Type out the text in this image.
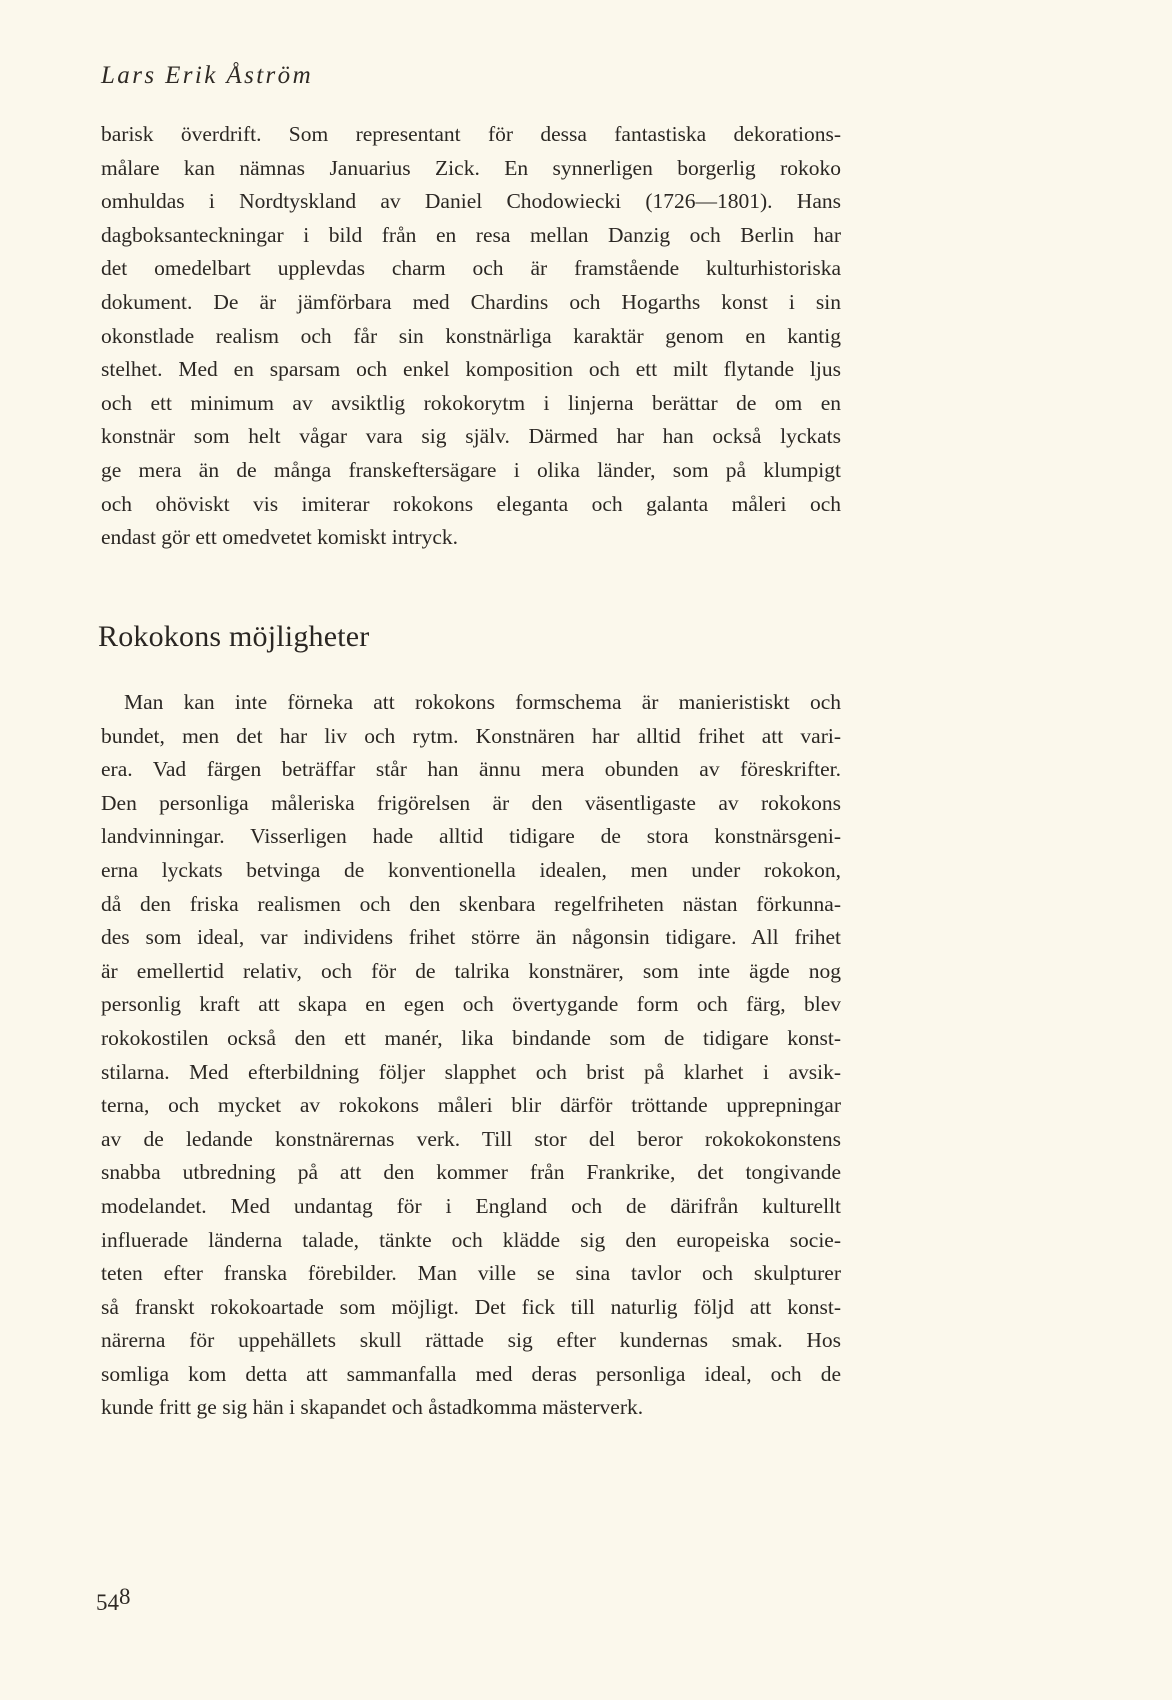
Lars Erik Åström
barisk överdrift. Som representant för dessa fantastiska dekorations-
målare kan nämnas Januarius Zick. En synnerligen borgerlig rokoko
omhuldas i Nordtyskland av Daniel Chodowiecki (1726—1801). Hans
dagboksanteckningar i bild från en resa mellan Danzig och Berlin har
det omedelbart upplevdas charm och är framstående kulturhistoriska
dokument. De är jämförbara med Chardins och Hogarths konst i sin
okonstlade realism och får sin konstnärliga karaktär genom en kantig
stelhet. Med en sparsam och enkel komposition och ett milt flytande ljus
och ett minimum av avsiktlig rokokorytm i linjerna berättar de om en
konstnär som helt vågar vara sig själv. Därmed har han också lyckats
ge mera än de många franskeftersägare i olika länder, som på klumpigt
och ohöviskt vis imiterar rokokons eleganta och galanta måleri och
endast gör ett omedvetet komiskt intryck.
Rokokons möjligheter
Man kan inte förneka att rokokons formschema är manieristiskt och
bundet, men det har liv och rytm. Konstnären har alltid frihet att vari-
era. Vad färgen beträffar står han ännu mera obunden av föreskrifter.
Den personliga måleriska frigörelsen är den väsentligaste av rokokons
landvinningar. Visserligen hade alltid tidigare de stora konstnärsgeni-
erna lyckats betvinga de konventionella idealen, men under rokokon,
då den friska realismen och den skenbara regelfriheten nästan förkunna-
des som ideal, var individens frihet större än någonsin tidigare. All frihet
är emellertid relativ, och för de talrika konstnärer, som inte ägde nog
personlig kraft att skapa en egen och övertygande form och färg, blev
rokokostilen också den ett manér, lika bindande som de tidigare konst-
stilarna. Med efterbildning följer slapphet och brist på klarhet i avsik-
terna, och mycket av rokokons måleri blir därför tröttande upprepningar
av de ledande konstnärernas verk. Till stor del beror rokokokonstens
snabba utbredning på att den kommer från Frankrike, det tongivande
modelandet. Med undantag för i England och de därifrån kulturellt
influerade länderna talade, tänkte och klädde sig den europeiska socie-
teten efter franska förebilder. Man ville se sina tavlor och skulpturer
så franskt rokokoartade som möjligt. Det fick till naturlig följd att konst-
närerna för uppehällets skull rättade sig efter kundernas smak. Hos
somliga kom detta att sammanfalla med deras personliga ideal, och de
kunde fritt ge sig hän i skapandet och åstadkomma mästerverk.
$54^8$
